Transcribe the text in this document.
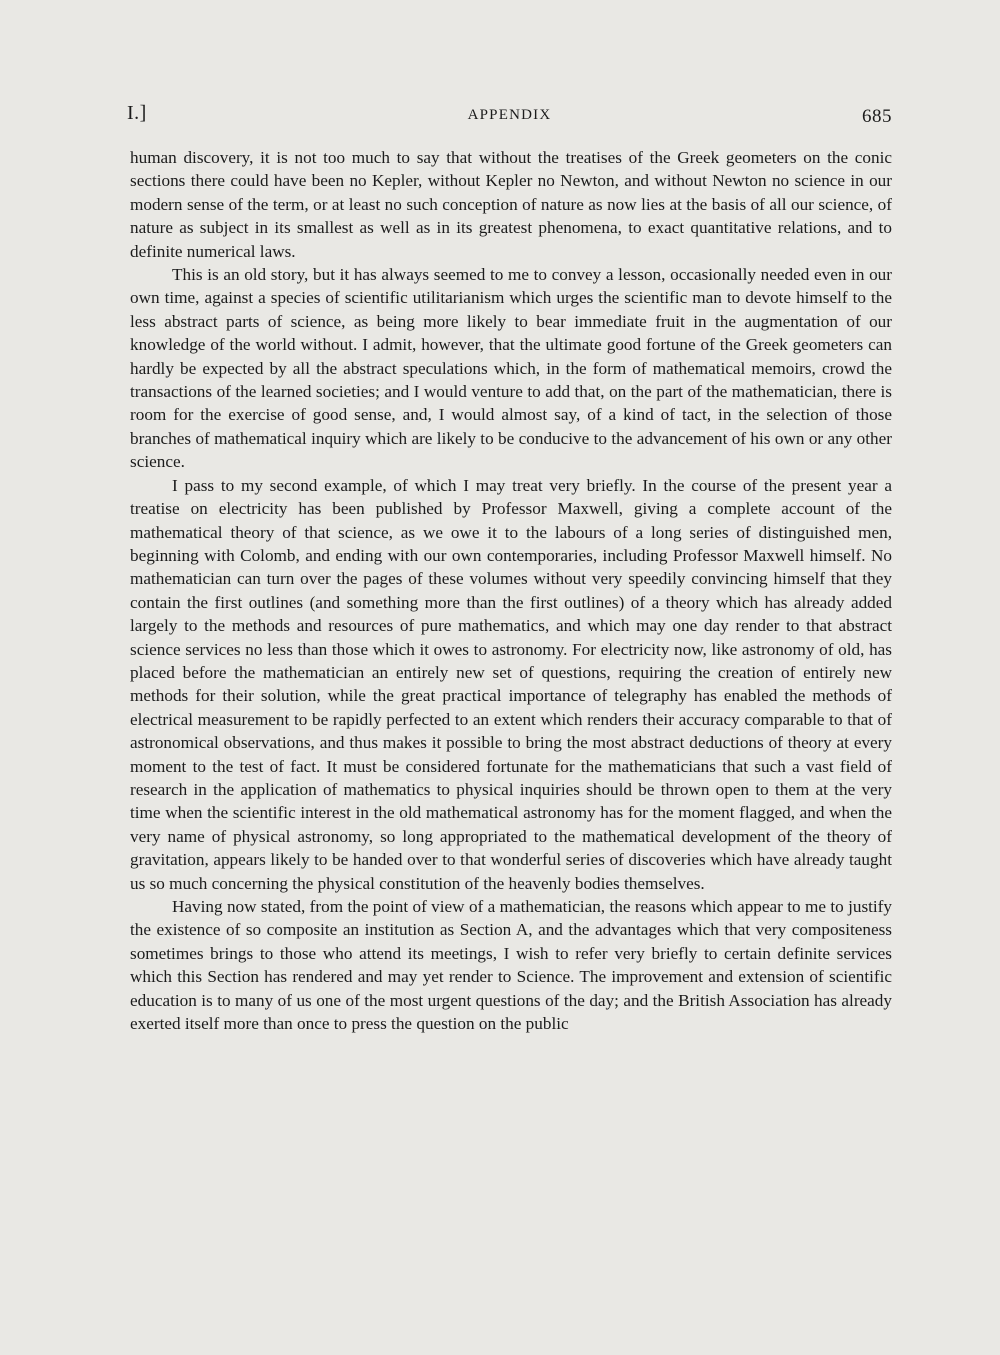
I.]	APPENDIX	685

human discovery, it is not too much to say that without the treatises of the Greek geometers on the conic sections there could have been no Kepler, without Kepler no Newton, and without Newton no science in our modern sense of the term, or at least no such conception of nature as now lies at the basis of all our science, of nature as subject in its smallest as well as in its greatest phenomena, to exact quantitative relations, and to definite numerical laws.

This is an old story, but it has always seemed to me to convey a lesson, occasionally needed even in our own time, against a species of scientific utilitarianism which urges the scientific man to devote himself to the less abstract parts of science, as being more likely to bear immediate fruit in the augmentation of our knowledge of the world without. I admit, however, that the ultimate good fortune of the Greek geometers can hardly be expected by all the abstract speculations which, in the form of mathematical memoirs, crowd the transactions of the learned societies; and I would venture to add that, on the part of the mathematician, there is room for the exercise of good sense, and, I would almost say, of a kind of tact, in the selection of those branches of mathematical inquiry which are likely to be conducive to the advancement of his own or any other science.

I pass to my second example, of which I may treat very briefly. In the course of the present year a treatise on electricity has been published by Professor Maxwell, giving a complete account of the mathematical theory of that science, as we owe it to the labours of a long series of distinguished men, beginning with Colomb, and ending with our own contemporaries, including Professor Maxwell himself. No mathematician can turn over the pages of these volumes without very speedily convincing himself that they contain the first outlines (and something more than the first outlines) of a theory which has already added largely to the methods and resources of pure mathematics, and which may one day render to that abstract science services no less than those which it owes to astronomy. For electricity now, like astronomy of old, has placed before the mathematician an entirely new set of questions, requiring the creation of entirely new methods for their solution, while the great practical importance of telegraphy has enabled the methods of electrical measurement to be rapidly perfected to an extent which renders their accuracy comparable to that of astronomical observations, and thus makes it possible to bring the most abstract deductions of theory at every moment to the test of fact. It must be considered fortunate for the mathematicians that such a vast field of research in the application of mathematics to physical inquiries should be thrown open to them at the very time when the scientific interest in the old mathematical astronomy has for the moment flagged, and when the very name of physical astronomy, so long appropriated to the mathematical development of the theory of gravitation, appears likely to be handed over to that wonderful series of discoveries which have already taught us so much concerning the physical constitution of the heavenly bodies themselves.

Having now stated, from the point of view of a mathematician, the reasons which appear to me to justify the existence of so composite an institution as Section A, and the advantages which that very compositeness sometimes brings to those who attend its meetings, I wish to refer very briefly to certain definite services which this Section has rendered and may yet render to Science. The improvement and extension of scientific education is to many of us one of the most urgent questions of the day; and the British Association has already exerted itself more than once to press the question on the public
